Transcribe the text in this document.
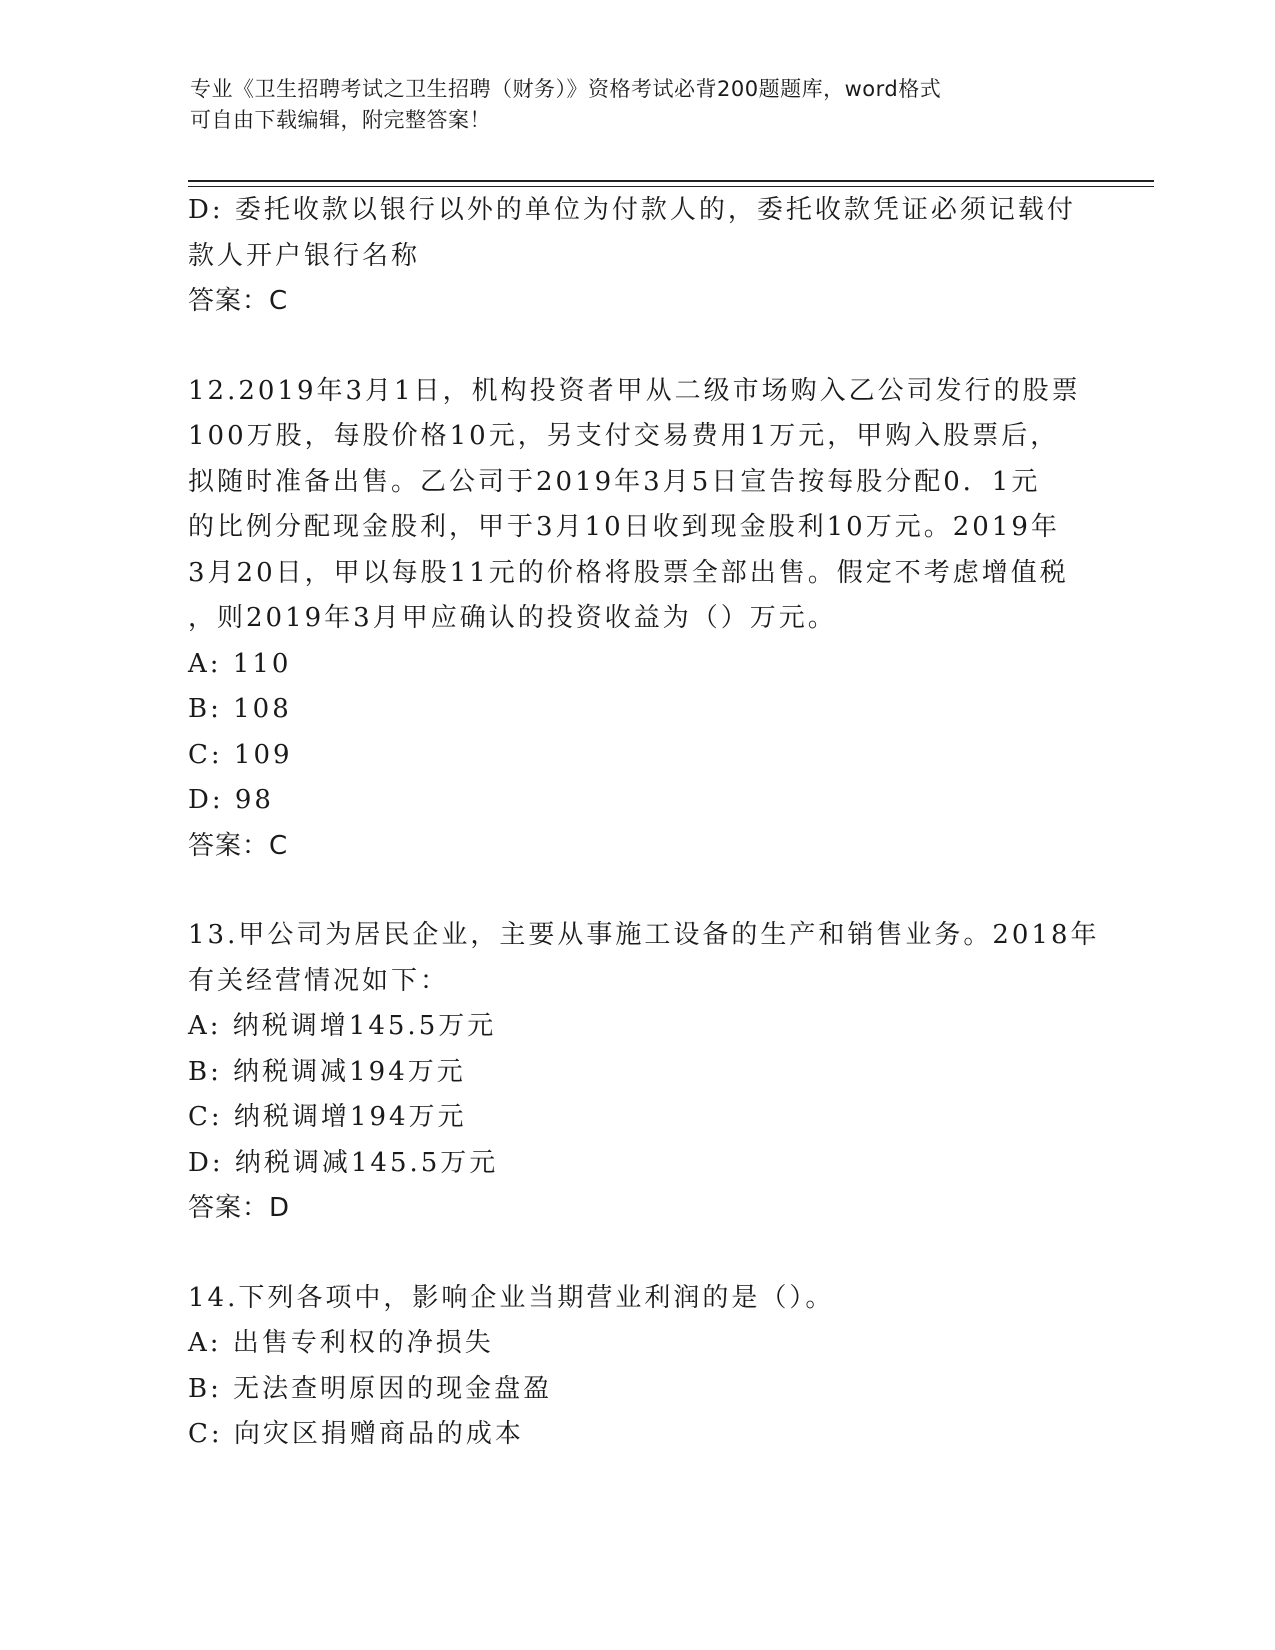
专业《卫生招聘考试之卫生招聘（财务）》资格考试必背200题题库，word格式
可自由下载编辑，附完整答案！
D: 委托收款以银行以外的单位为付款人的，委托收款凭证必须记载付
款人开户银行名称
答案：C
12.2019年3月1日，机构投资者甲从二级市场购入乙公司发行的股票
100万股，每股价格10元，另支付交易费用1万元，甲购入股票后，
拟随时准备出售。乙公司于2019年3月5日宣告按每股分配0．1元
的比例分配现金股利，甲于3月10日收到现金股利10万元。2019年
3月20日，甲以每股11元的价格将股票全部出售。假定不考虑增值税
，则2019年3月甲应确认的投资收益为（）万元。
A: 110
B: 108
C: 109
D: 98
答案：C
13.甲公司为居民企业，主要从事施工设备的生产和销售业务。2018年
有关经营情况如下：
A: 纳税调增145.5万元
B: 纳税调减194万元
C: 纳税调增194万元
D: 纳税调减145.5万元
答案：D
14.下列各项中，影响企业当期营业利润的是（）。
A: 出售专利权的净损失
B: 无法查明原因的现金盘盈
C: 向灾区捐赠商品的成本
